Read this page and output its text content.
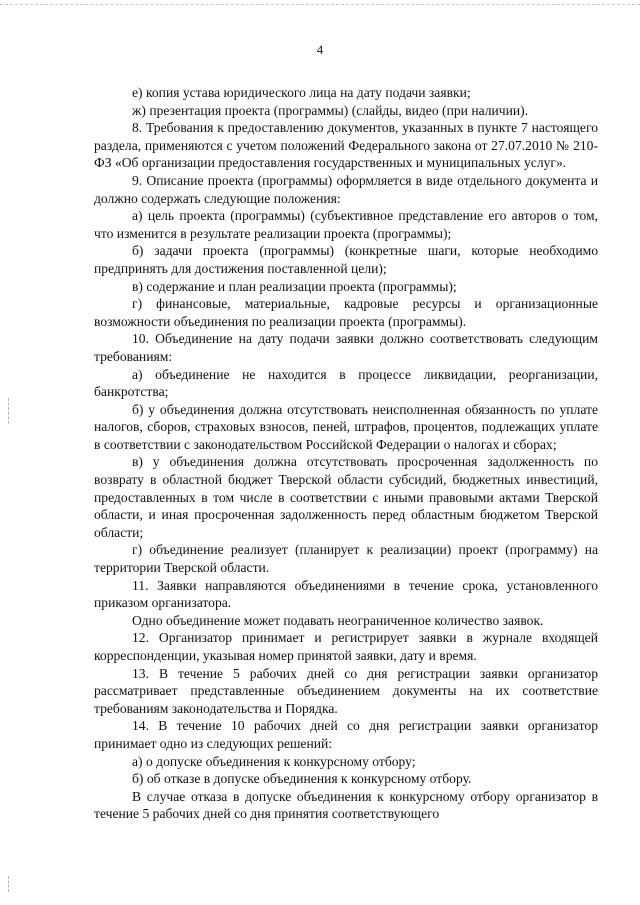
4

е) копия устава юридического лица на дату подачи заявки;

ж) презентация проекта (программы) (слайды, видео (при наличии).

8. Требования к предоставлению документов, указанных в пункте 7 настоящего раздела, применяются с учетом положений Федерального закона от 27.07.2010 № 210-ФЗ «Об организации предоставления государственных и муниципальных услуг».

9. Описание проекта (программы) оформляется в виде отдельного документа и должно содержать следующие положения:

а) цель проекта (программы) (субъективное представление его авторов о том, что изменится в результате реализации проекта (программы);

б) задачи проекта (программы) (конкретные шаги, которые необходимо предпринять для достижения поставленной цели);

в) содержание и план реализации проекта (программы);

г) финансовые, материальные, кадровые ресурсы и организационные возможности объединения по реализации проекта (программы).

10. Объединение на дату подачи заявки должно соответствовать следующим требованиям:

а) объединение не находится в процессе ликвидации, реорганизации, банкротства;

б) у объединения должна отсутствовать неисполненная обязанность по уплате налогов, сборов, страховых взносов, пеней, штрафов, процентов, подлежащих уплате в соответствии с законодательством Российской Федерации о налогах и сборах;

в) у объединения должна отсутствовать просроченная задолженность по возврату в областной бюджет Тверской области субсидий, бюджетных инвестиций, предоставленных в том числе в соответствии с иными правовыми актами Тверской области, и иная просроченная задолженность перед областным бюджетом Тверской области;

г) объединение реализует (планирует к реализации) проект (программу) на территории Тверской области.

11. Заявки направляются объединениями в течение срока, установленного приказом организатора.

Одно объединение может подавать неограниченное количество заявок.

12. Организатор принимает и регистрирует заявки в журнале входящей корреспонденции, указывая номер принятой заявки, дату и время.

13. В течение 5 рабочих дней со дня регистрации заявки организатор рассматривает представленные объединением документы на их соответствие требованиям законодательства и Порядка.

14. В течение 10 рабочих дней со дня регистрации заявки организатор принимает одно из следующих решений:

а) о допуске объединения к конкурсному отбору;

б) об отказе в допуске объединения к конкурсному отбору.

В случае отказа в допуске объединения к конкурсному отбору организатор в течение 5 рабочих дней со дня принятия соответствующего
